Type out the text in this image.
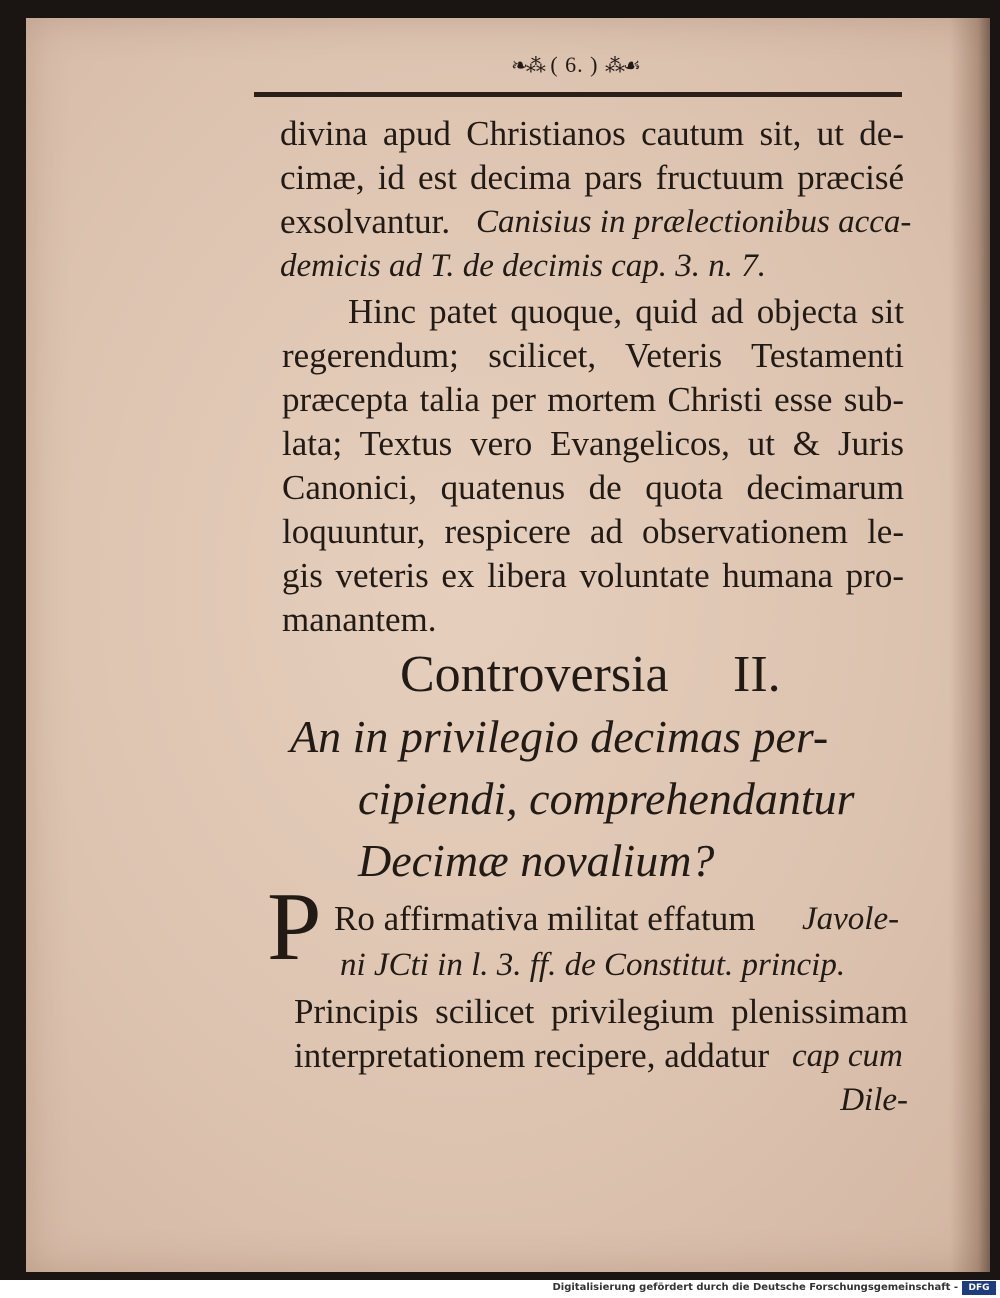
❧⁂ ( 6. ) ⁂☙
divina apud Christianos cautum sit, ut de-
cimæ, id est decima pars fructuum præcisé
exsolvantur. Canisius in prælectionibus acca-
demicis ad T. de decimis cap. 3. n. 7.
Hinc patet quoque, quid ad objecta sit
regerendum; scilicet, Veteris Testamenti
præcepta talia per mortem Christi esse sub-
lata; Textus vero Evangelicos, ut & Juris
Canonici, quatenus de quota decimarum
loquuntur, respicere ad observationem le-
gis veteris ex libera voluntate humana pro-
manantem.
Controversia II.
An in privilegio decimas per-
cipiendi, comprehendantur
Decimæ novalium?
P Ro affirmativa militat effatum Javole-
ni JCti in l. 3. ff. de Constitut. princip.
Principis scilicet privilegium plenissimam
interpretationem recipere, addatur cap cum
Dile-
Digitalisierung gefördert durch die Deutsche Forschungsgemeinschaft -	DFG
